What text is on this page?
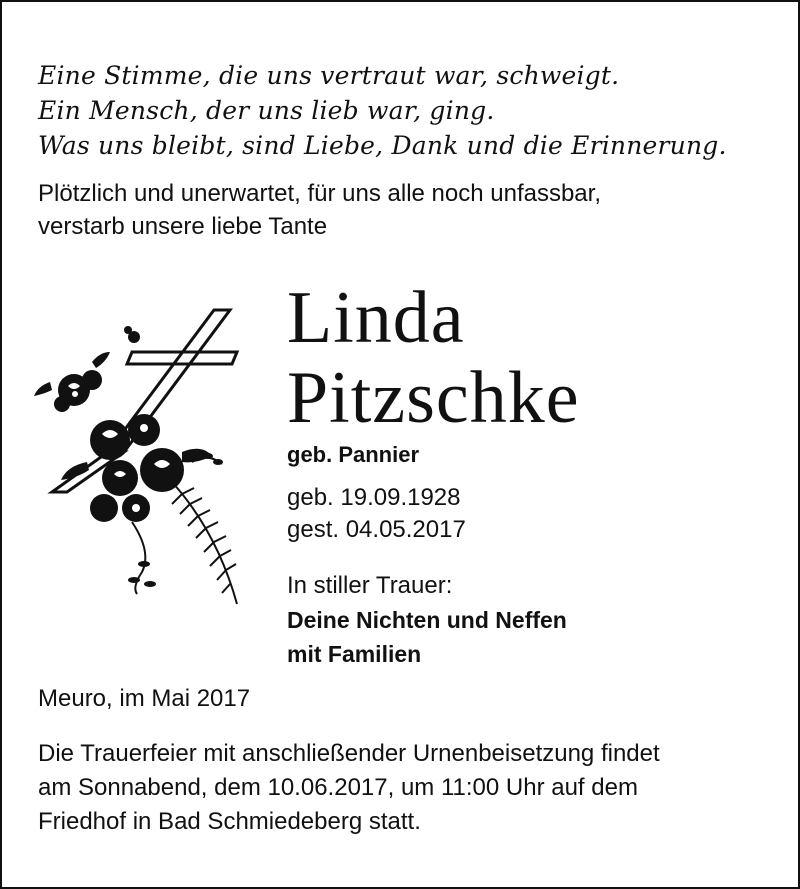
Eine Stimme, die uns vertraut war, schweigt.
Ein Mensch, der uns lieb war, ging.
Was uns bleibt, sind Liebe, Dank und die Erinnerung.
Plötzlich und unerwartet, für uns alle noch unfassbar,
verstarb unsere liebe Tante
Linda
Pitzschke
geb. Pannier
geb. 19.09.1928
gest. 04.05.2017
In stiller Trauer:
Deine Nichten und Neffen
mit Familien
Meuro, im Mai 2017
Die Trauerfeier mit anschließender Urnenbeisetzung findet
am Sonnabend, dem 10.06.2017, um 11:00 Uhr auf dem
Friedhof in Bad Schmiedeberg statt.
